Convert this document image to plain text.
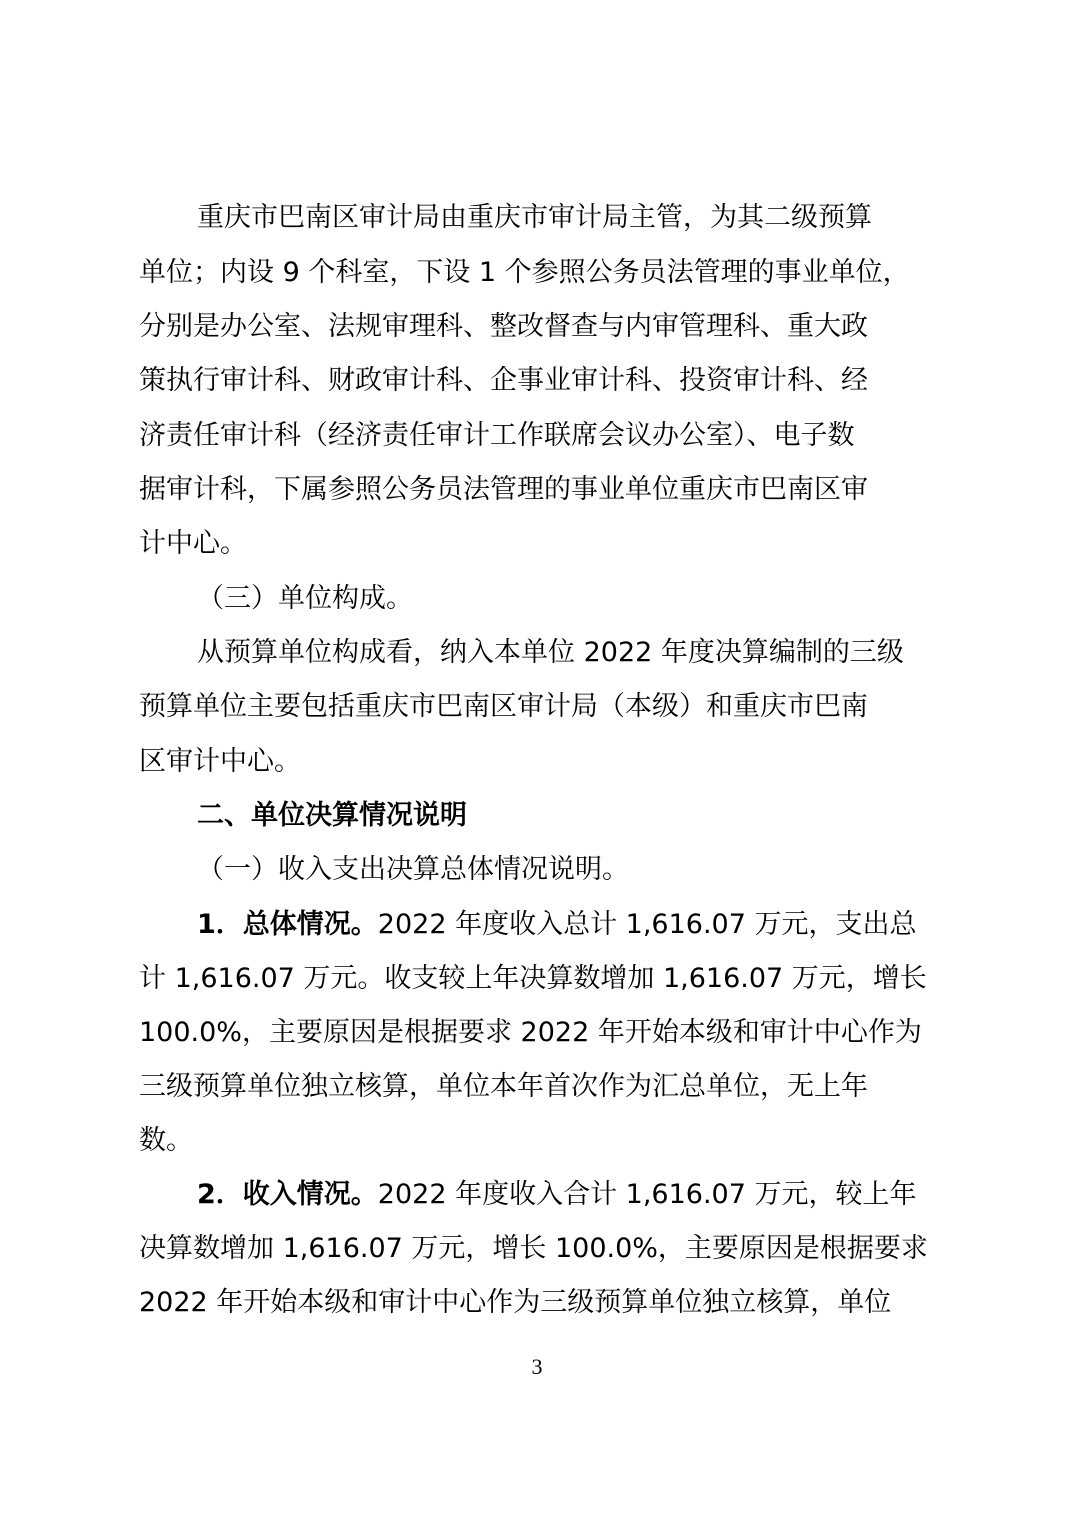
重庆市巴南区审计局由重庆市审计局主管，为其二级预算
单位；内设 9 个科室，下设 1 个参照公务员法管理的事业单位，
分别是办公室、法规审理科、整改督查与内审管理科、重大政
策执行审计科、财政审计科、企事业审计科、投资审计科、经
济责任审计科（经济责任审计工作联席会议办公室）、电子数
据审计科，下属参照公务员法管理的事业单位重庆市巴南区审
计中心。
（三）单位构成。
从预算单位构成看，纳入本单位 2022 年度决算编制的三级
预算单位主要包括重庆市巴南区审计局（本级）和重庆市巴南
区审计中心。
二、单位决算情况说明
（一）收入支出决算总体情况说明。
1．总体情况。2022 年度收入总计 1,616.07 万元，支出总
计 1,616.07 万元。收支较上年决算数增加 1,616.07 万元，增长
100.0%，主要原因是根据要求 2022 年开始本级和审计中心作为
三级预算单位独立核算，单位本年首次作为汇总单位，无上年
数。
2．收入情况。2022 年度收入合计 1,616.07 万元，较上年
决算数增加 1,616.07 万元，增长 100.0%，主要原因是根据要求
2022 年开始本级和审计中心作为三级预算单位独立核算，单位
3
